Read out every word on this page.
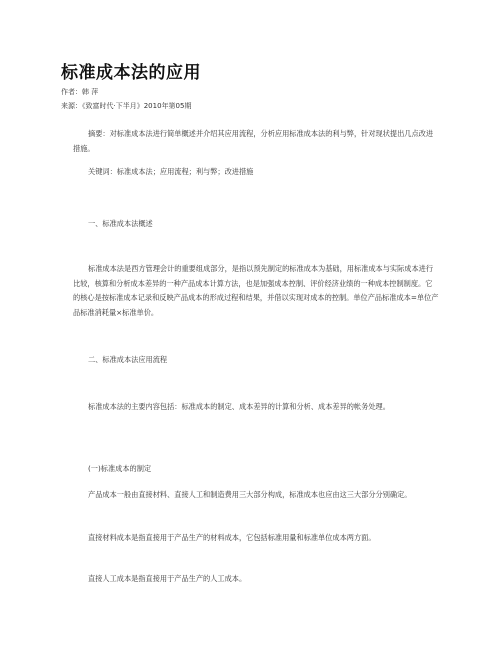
标准成本法的应用
作者：韩 萍
来源：《致富时代·下半月》2010年第05期

摘要：对标准成本法进行简单概述并介绍其应用流程，分析应用标准成本法的利与弊，针对现状提出几点改进措施。

关键词：标准成本法；应用流程；利与弊；改进措施

一、标准成本法概述

标准成本法是西方管理会计的重要组成部分，是指以预先制定的标准成本为基础，用标准成本与实际成本进行比较，核算和分析成本差异的一种产品成本计算方法，也是加强成本控制、评价经济业绩的一种成本控制制度。它的核心是按标准成本记录和反映产品成本的形成过程和结果，并借以实现对成本的控制。单位产品标准成本=单位产品标准消耗量×标准单价。

二、标准成本法应用流程

标准成本法的主要内容包括：标准成本的制定、成本差异的计算和分析、成本差异的帐务处理。

(一)标准成本的制定

产品成本一般由直接材料、直接人工和制造费用三大部分构成，标准成本也应由这三大部分分别确定。

直接材料成本是指直接用于产品生产的材料成本，它包括标准用量和标准单位成本两方面。

直接人工成本是指直接用于产品生产的人工成本。
